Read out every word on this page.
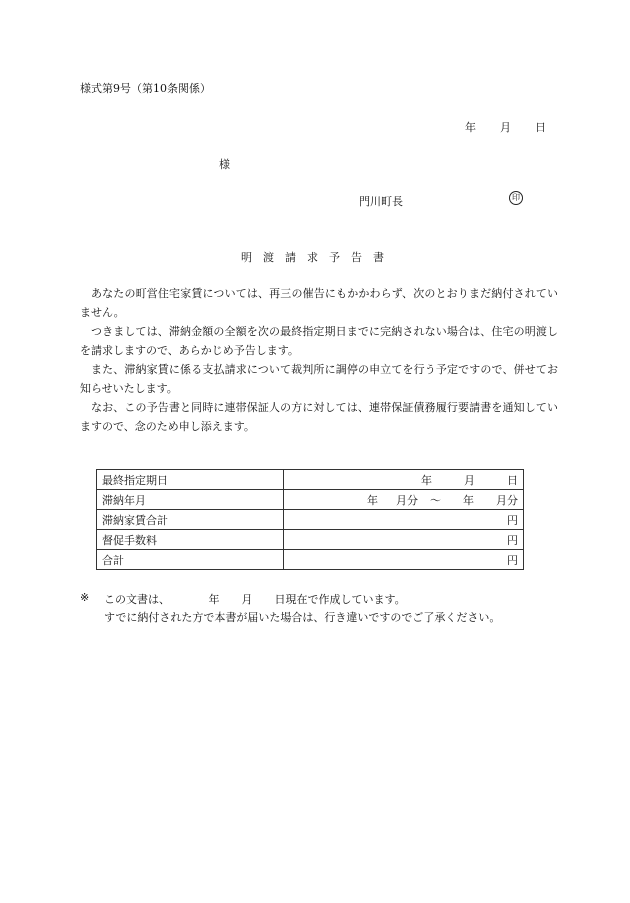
様式第9号（第10条関係）
年 月 日
様
門川町長	印
明渡請求予告書

あなたの町営住宅家賃については、再三の催告にもかかわらず、次のとおりまだ納付されていません。

つきましては、滞納金額の全額を次の最終指定期日までに完納されない場合は、住宅の明渡しを請求しますので、あらかじめ予告します。

また、滞納家賃に係る支払請求について裁判所に調停の申立てを行う予定ですので、併せてお知らせいたします。

なお、この予告書と同時に連帯保証人の方に対しては、連帯保証債務履行要請書を通知していますので、念のため申し添えます。

最終指定期日	年 月 日
滞納年月	年 月分 ～ 年 月分
滞納家賃合計	円
督促手数料	円
合計	円
※ この文書は、　　　　年　　月　　日現在で作成しています。
すでに納付された方で本書が届いた場合は、行き違いですのでご了承ください。
